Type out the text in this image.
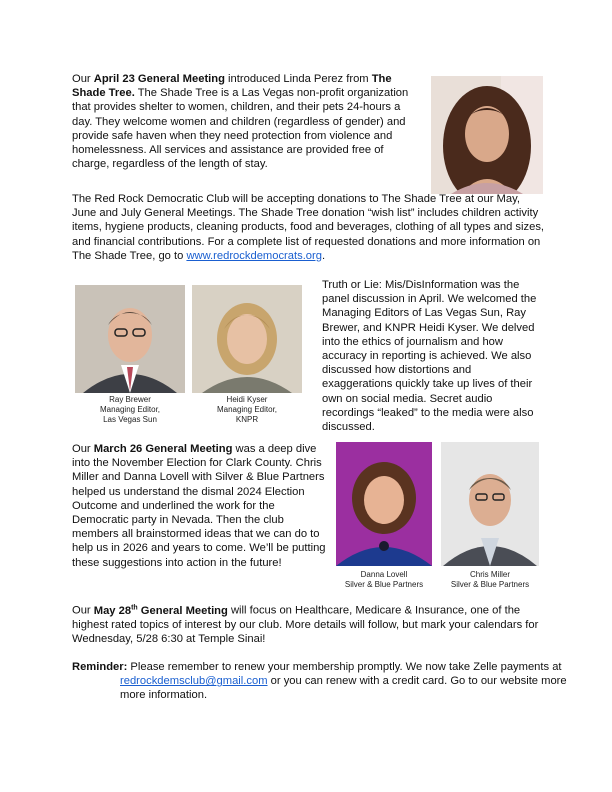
Our April 23 General Meeting introduced Linda Perez from The Shade Tree. The Shade Tree is a Las Vegas non-profit organization that provides shelter to women, children, and their pets 24-hours a day. They welcome women and children (regardless of gender) and provide safe haven when they need protection from violence and homelessness. All services and assistance are provided free of charge, regardless of the length of stay.
The Red Rock Democratic Club will be accepting donations to The Shade Tree at our May, June and July General Meetings. The Shade Tree donation “wish list” includes children activity items, hygiene products, cleaning products, food and beverages, clothing of all types and sizes, and financial contributions. For a complete list of requested donations and more information on The Shade Tree, go to www.redrockdemocrats.org.
Ray Brewer
Managing Editor,
Las Vegas Sun
Heidi Kyser
Managing Editor,
KNPR
Truth or Lie: Mis/DisInformation was the panel discussion in April. We welcomed the Managing Editors of Las Vegas Sun, Ray Brewer, and KNPR Heidi Kyser. We delved into the ethics of journalism and how accuracy in reporting is achieved. We also discussed how distortions and exaggerations quickly take up lives of their own on social media. Secret audio recordings “leaked” to the media were also discussed.
Our March 26 General Meeting was a deep dive into the November Election for Clark County. Chris Miller and Danna Lovell with Silver & Blue Partners helped us understand the dismal 2024 Election Outcome and underlined the work for the Democratic party in Nevada. Then the club members all brainstormed ideas that we can do to help us in 2026 and years to come. We’ll be putting these suggestions into action in the future!
Danna Lovell
Silver & Blue Partners
Chris Miller
Silver & Blue Partners
Our May 28th General Meeting will focus on Healthcare, Medicare & Insurance, one of the highest rated topics of interest by our club. More details will follow, but mark your calendars for Wednesday, 5/28 6:30 at Temple Sinai!
Reminder: Please remember to renew your membership promptly. We now take Zelle payments at redrockdemsclub@gmail.com or you can renew with a credit card. Go to our website more more information.
